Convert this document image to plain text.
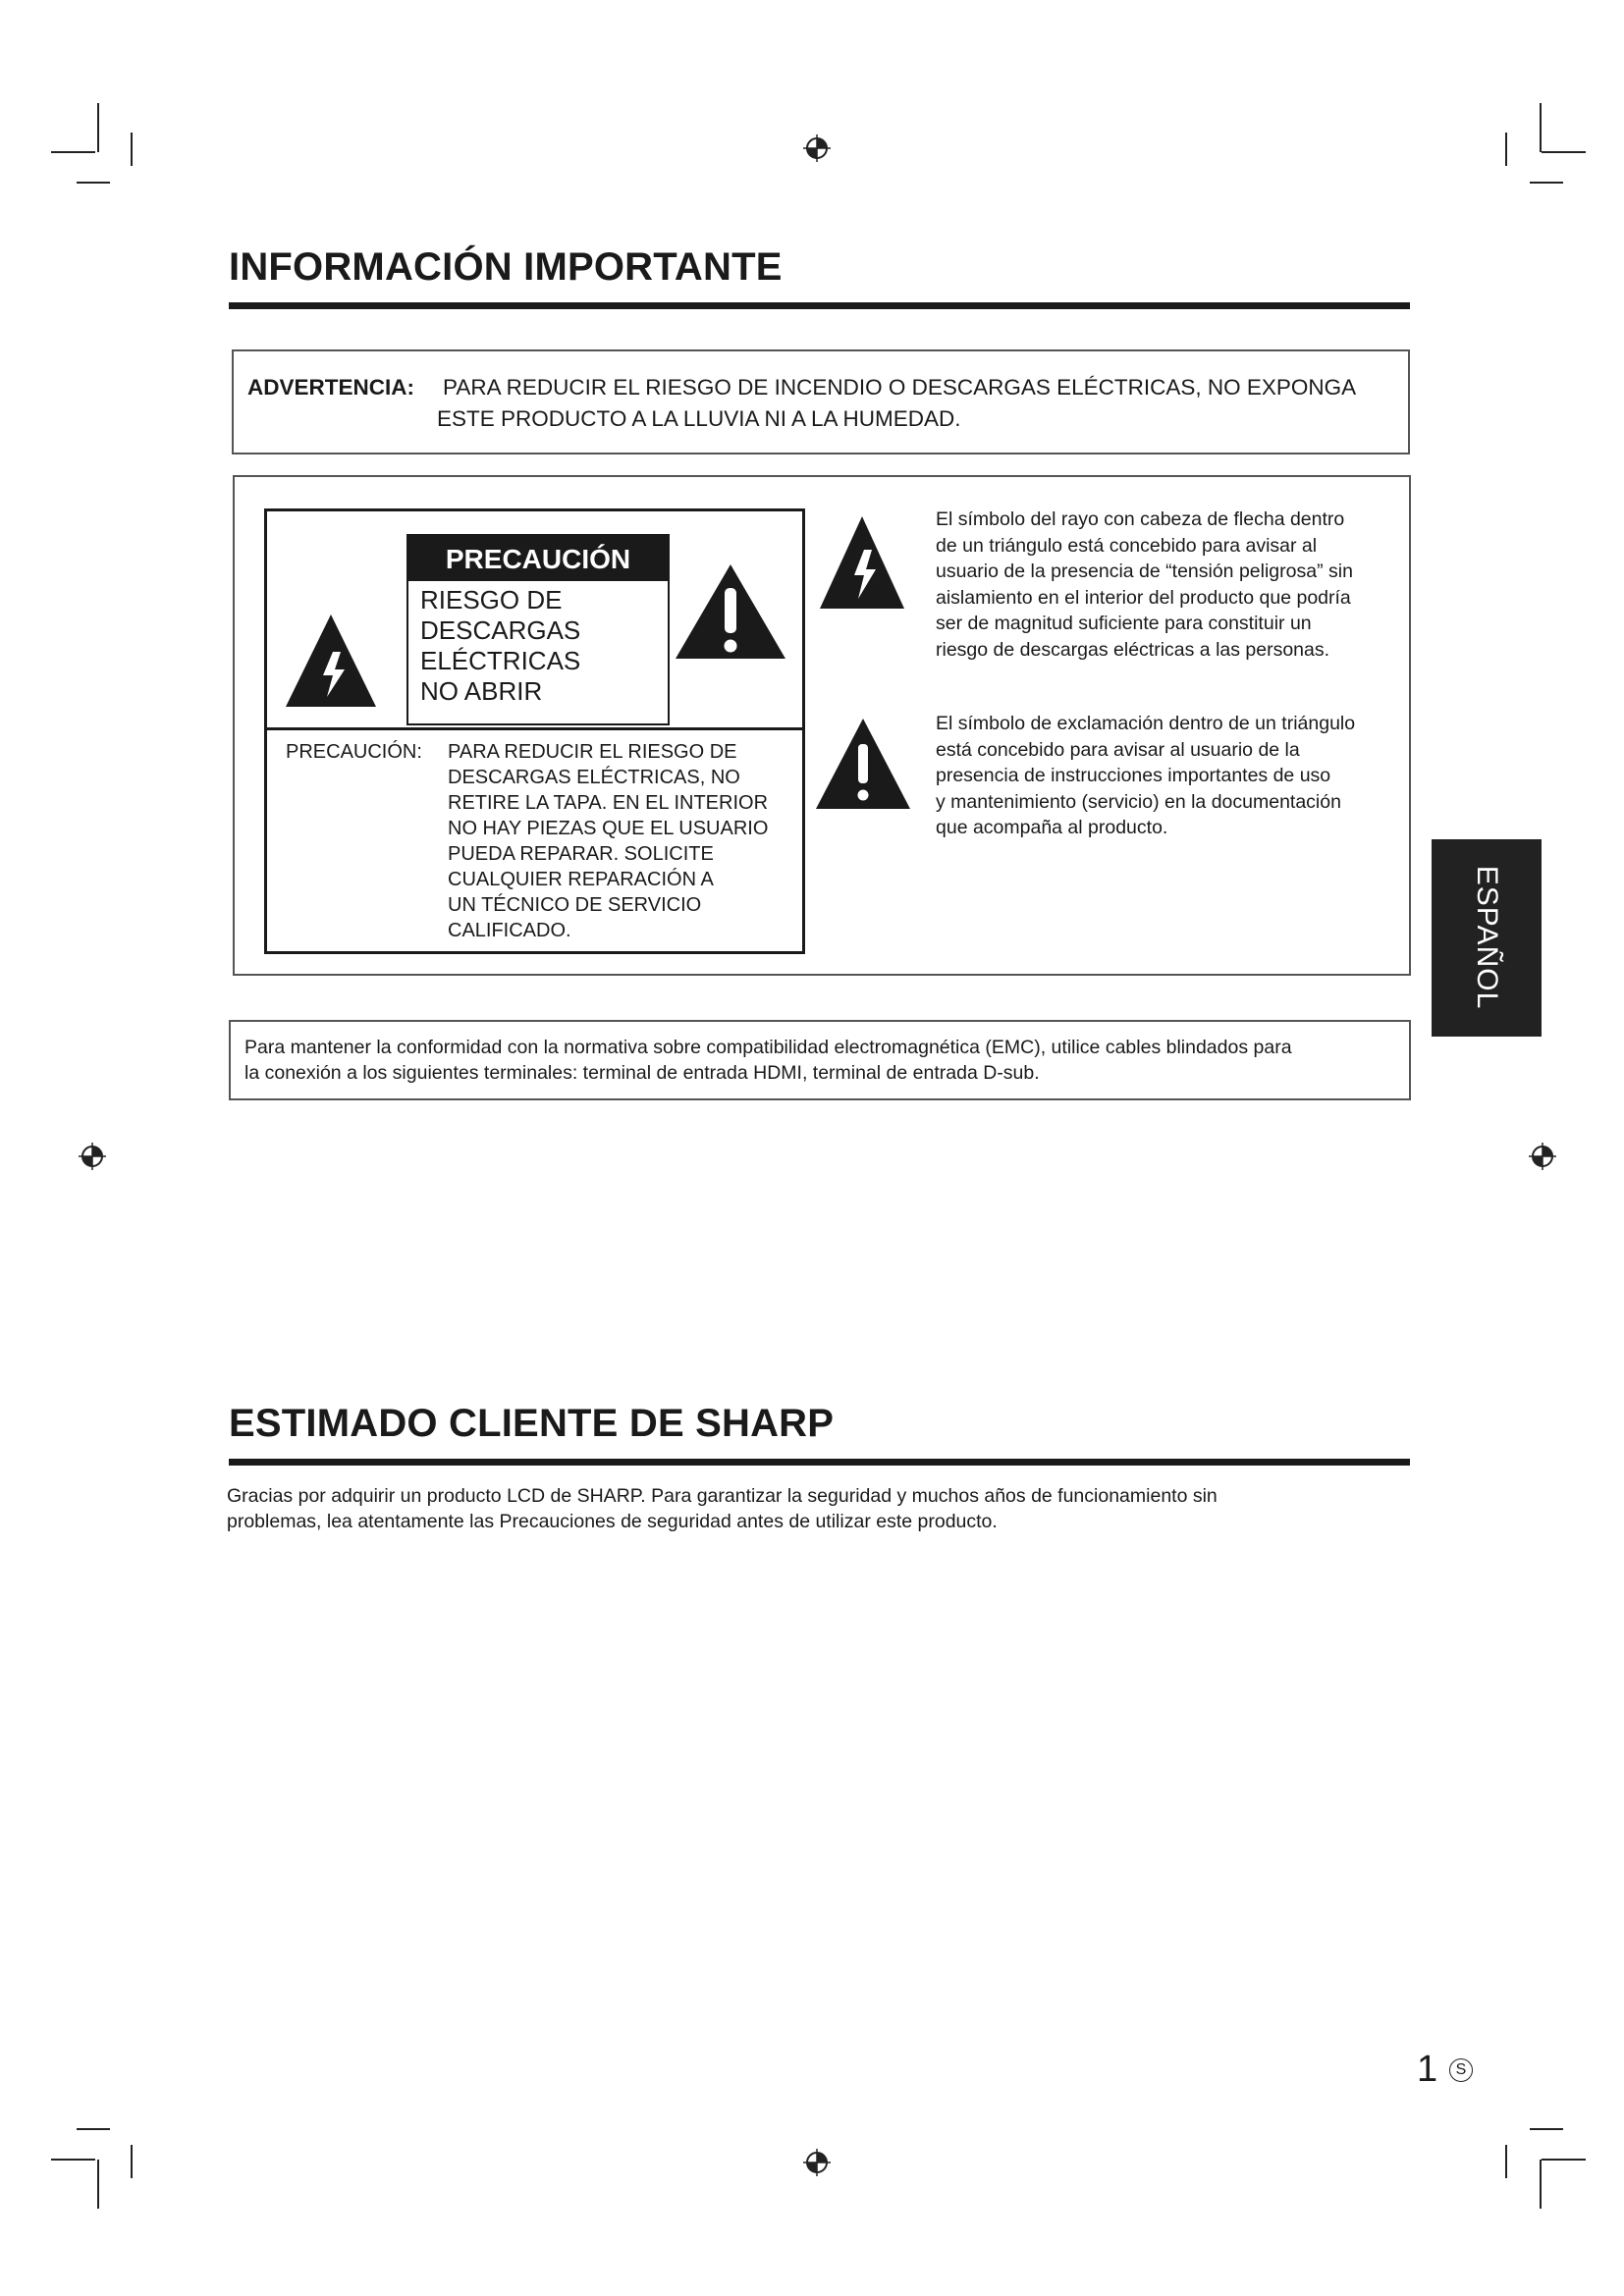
INFORMACIÓN IMPORTANTE
ADVERTENCIA: PARA REDUCIR EL RIESGO DE INCENDIO O DESCARGAS ELÉCTRICAS, NO EXPONGA
ESTE PRODUCTO A LA LLUVIA NI A LA HUMEDAD.
PRECAUCIÓN
RIESGO DE
DESCARGAS
ELÉCTRICAS
NO ABRIR
PRECAUCIÓN: PARA REDUCIR EL RIESGO DE
DESCARGAS ELÉCTRICAS, NO
RETIRE LA TAPA. EN EL INTERIOR
NO HAY PIEZAS QUE EL USUARIO
PUEDA REPARAR. SOLICITE
CUALQUIER REPARACIÓN A
UN TÉCNICO DE SERVICIO
CALIFICADO.
El símbolo del rayo con cabeza de flecha dentro
de un triángulo está concebido para avisar al
usuario de la presencia de “tensión peligrosa” sin
aislamiento en el interior del producto que podría
ser de magnitud suficiente para constituir un
riesgo de descargas eléctricas a las personas.
El símbolo de exclamación dentro de un triángulo
está concebido para avisar al usuario de la
presencia de instrucciones importantes de uso
y mantenimiento (servicio) en la documentación
que acompaña al producto.
Para mantener la conformidad con la normativa sobre compatibilidad electromagnética (EMC), utilice cables blindados para
la conexión a los siguientes terminales: terminal de entrada HDMI, terminal de entrada D-sub.
ESPAÑOL
ESTIMADO CLIENTE DE SHARP
Gracias por adquirir un producto LCD de SHARP. Para garantizar la seguridad y muchos años de funcionamiento sin
problemas, lea atentamente las Precauciones de seguridad antes de utilizar este producto.
1	S
